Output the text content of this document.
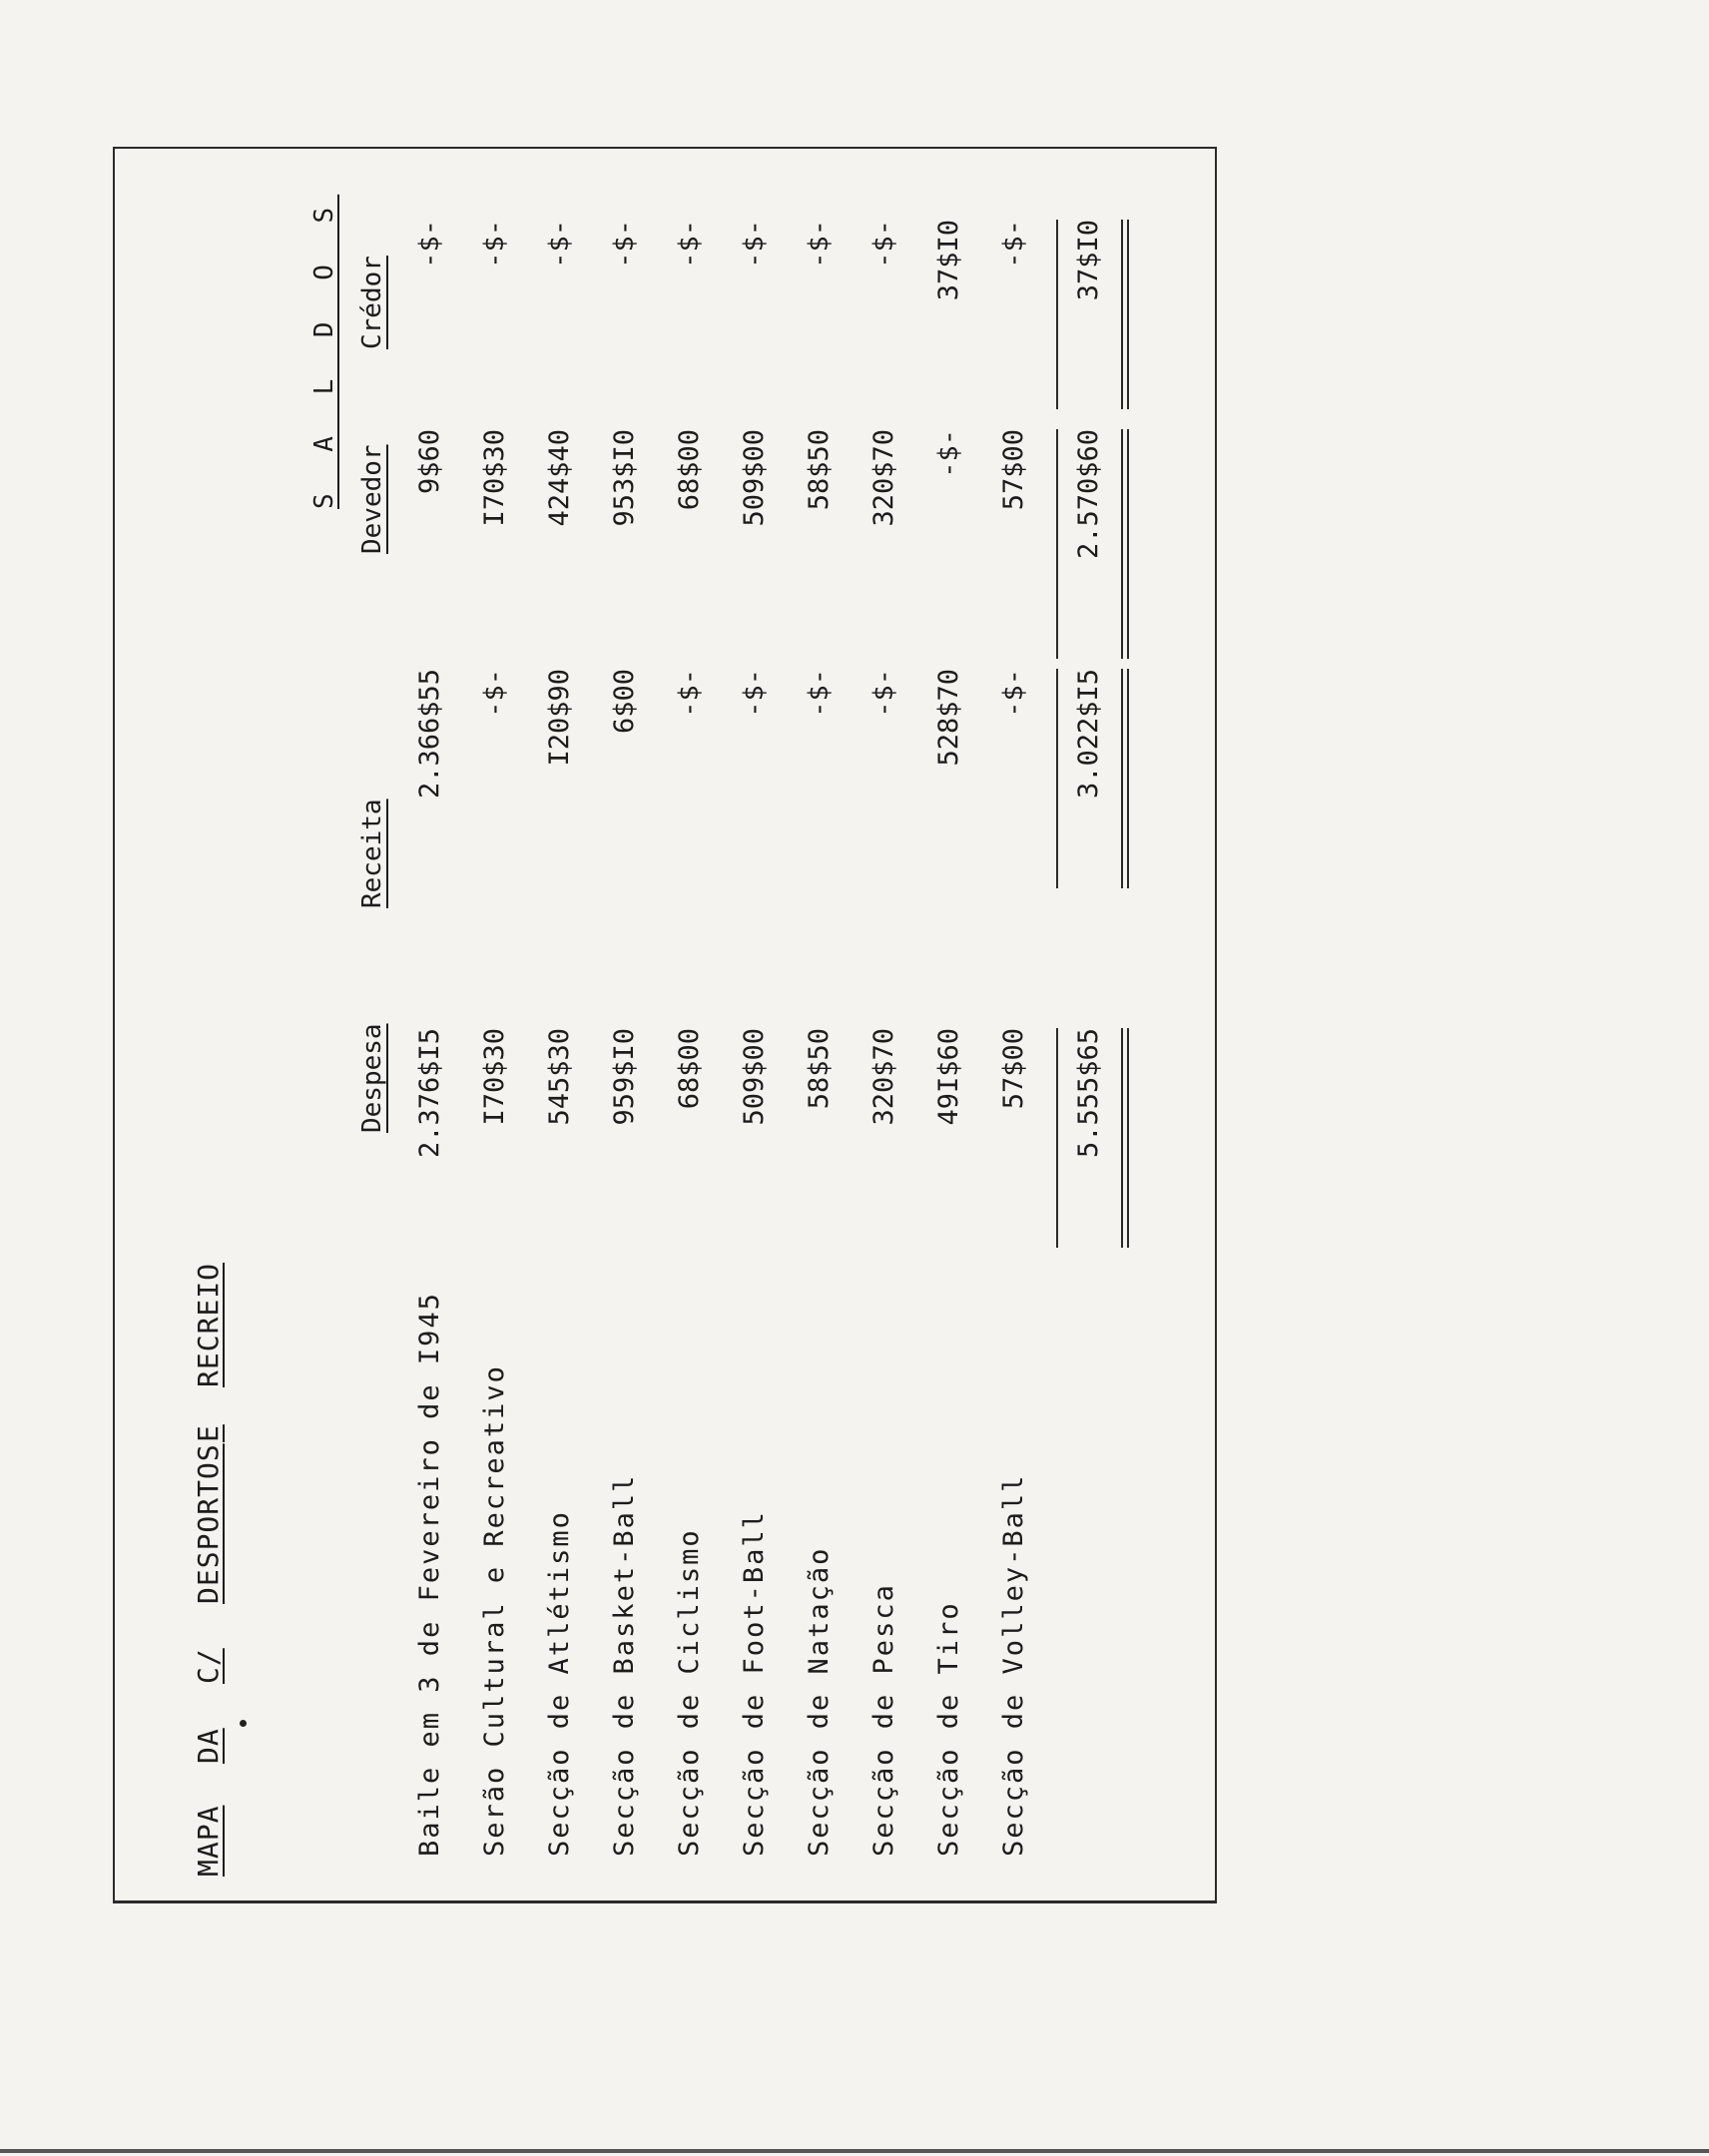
MAPA
DA
C/
DESPORTOS
E
RECREIO
S A L D O S
Despesa
Receita
Devedor
Crédor
Baile em 3 de Fevereiro de I945
2.376$I5
2.366$55
9$60
-$-
Serão Cultural e Recreativo
I70$30
-$-
I70$30
-$-
Secção de Atlétismo
545$30
I20$90
424$40
-$-
Secção de Basket-Ball
959$I0
6$00
953$I0
-$-
Secção de Ciclismo
68$00
-$-
68$00
-$-
Secção de Foot-Ball
509$00
-$-
509$00
-$-
Secção de Natação
58$50
-$-
58$50
-$-
Secção de Pesca
320$70
-$-
320$70
-$-
Secção de Tiro
49I$60
528$70
-$-
37$I0
Secção de Volley-Ball
57$00
-$-
57$00
-$-
5.555$65
3.022$I5
2.570$60
37$I0
